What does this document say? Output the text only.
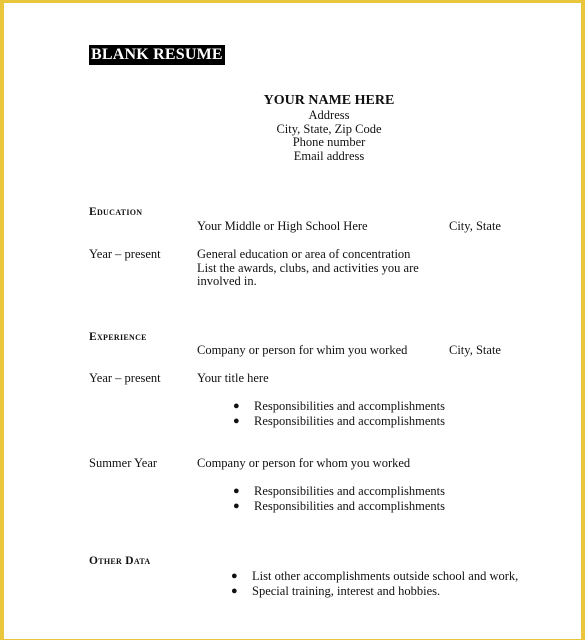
BLANK RESUME
YOUR NAME HERE
Address
City, State, Zip Code
Phone number
Email address
Education
Your Middle or High School Here	City, State
Year – present	General education or area of concentration
List the awards, clubs, and activities you are
involved in.
Experience
Company or person for whim you worked	City, State
Year – present	Your title here
● Responsibilities and accomplishments
● Responsibilities and accomplishments
Summer Year	Company or person for whom you worked
● Responsibilities and accomplishments
● Responsibilities and accomplishments
Other Data
● List other accomplishments outside school and work,
● Special training, interest and hobbies.
